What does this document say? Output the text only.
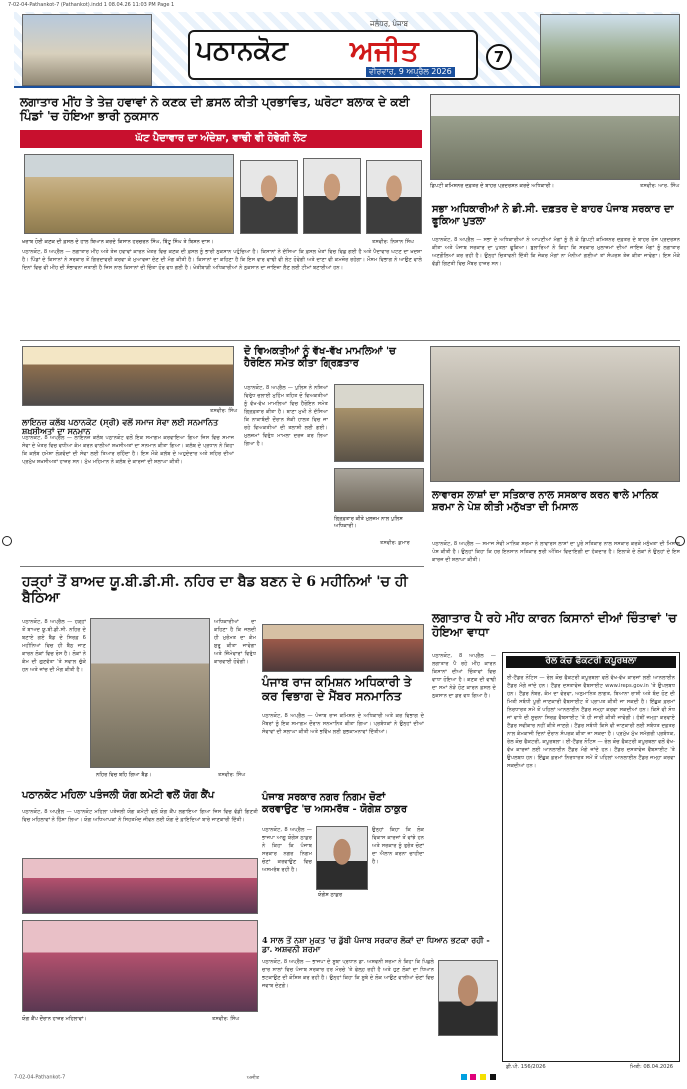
7-02-04-Pathankot-7 (Pathankot).indd 1 08.04.26 11:03 PM Page 1
ਪਠਾਨਕੋਟ
ਜਲੰਧਰ, ਪੰਜਾਬ
ਅਜੀਤ
ਵੀਰਵਾਰ, 9 ਅਪ੍ਰੈਲ 2026
7
ਲਗਾਤਾਰ ਮੀਂਹ ਤੇ ਤੇਜ਼ ਹਵਾਵਾਂ ਨੇ ਕਣਕ ਦੀ ਫ਼ਸਲ ਕੀਤੀ ਪ੍ਰਭਾਵਿਤ, ਘਰੋਟਾ ਬਲਾਕ ਦੇ ਕਈ ਪਿੰਡਾਂ 'ਚ ਹੋਇਆ ਭਾਰੀ ਨੁਕਸਾਨ
ਘੱਟ ਪੈਦਾਵਾਰ ਦਾ ਅੰਦੇਸ਼ਾ, ਵਾਢੀ ਵੀ ਹੋਵੇਗੀ ਲੇਟ
ਖ਼ਰਾਬ ਹੋਈ ਕਣਕ ਦੀ ਫ਼ਸਲ ਦੇ ਹਾਲ ਬਿਆਨ ਕਰਦੇ ਕਿਸਾਨ ਹਰਚਰਨ ਸਿੰਘ, ਬਿੱਟੂ ਸਿੰਘ ਤੇ ਬਿਸ਼ਨ ਦਾਸ।	ਤਸਵੀਰ: ਨਿਸ਼ਾਨ ਸਿੰਘ
ਪਠਾਨਕੋਟ, 8 ਅਪ੍ਰੈਲ — ਲਗਾਤਾਰ ਮੀਂਹ ਅਤੇ ਤੇਜ਼ ਹਵਾਵਾਂ ਕਾਰਨ ਖੇਤਰ ਵਿਚ ਕਣਕ ਦੀ ਫ਼ਸਲ ਨੂੰ ਭਾਰੀ ਨੁਕਸਾਨ ਪਹੁੰਚਿਆ ਹੈ। ਕਿਸਾਨਾਂ ਨੇ ਦੱਸਿਆ ਕਿ ਫ਼ਸਲ ਖੇਤਾਂ ਵਿਚ ਵਿਛ ਗਈ ਹੈ ਅਤੇ ਪੈਦਾਵਾਰ ਘਟਣ ਦਾ ਖ਼ਦਸ਼ਾ ਹੈ। ਪਿੰਡਾਂ ਦੇ ਕਿਸਾਨਾਂ ਨੇ ਸਰਕਾਰ ਤੋਂ ਗਿਰਦਾਵਰੀ ਕਰਵਾ ਕੇ ਮੁਆਵਜ਼ਾ ਦੇਣ ਦੀ ਮੰਗ ਕੀਤੀ ਹੈ। ਕਿਸਾਨਾਂ ਦਾ ਕਹਿਣਾ ਹੈ ਕਿ ਇਸ ਵਾਰ ਵਾਢੀ ਵੀ ਲੇਟ ਹੋਵੇਗੀ ਅਤੇ ਦਾਣਾ ਵੀ ਕਮਜ਼ੋਰ ਰਹੇਗਾ। ਮੌਸਮ ਵਿਭਾਗ ਨੇ ਆਉਣ ਵਾਲੇ ਦਿਨਾਂ ਵਿਚ ਵੀ ਮੀਂਹ ਦੀ ਸੰਭਾਵਨਾ ਜਤਾਈ ਹੈ ਜਿਸ ਨਾਲ ਕਿਸਾਨਾਂ ਦੀ ਚਿੰਤਾ ਹੋਰ ਵਧ ਗਈ ਹੈ। ਖੇਤੀਬਾੜੀ ਅਧਿਕਾਰੀਆਂ ਨੇ ਨੁਕਸਾਨ ਦਾ ਜਾਇਜ਼ਾ ਲੈਣ ਲਈ ਟੀਮਾਂ ਬਣਾਈਆਂ ਹਨ।
ਡਿਪਟੀ ਕਮਿਸ਼ਨਰ ਦਫ਼ਤਰ ਦੇ ਬਾਹਰ ਪ੍ਰਦਰਸ਼ਨ ਕਰਦੇ ਅਧਿਕਾਰੀ।	ਤਸਵੀਰ: ਆਰ. ਸਿੰਘ
ਸਭਾ ਅਧਿਕਾਰੀਆਂ ਨੇ ਡੀ.ਸੀ. ਦਫ਼ਤਰ ਦੇ ਬਾਹਰ ਪੰਜਾਬ ਸਰਕਾਰ ਦਾ ਫੂਕਿਆ ਪੁਤਲਾ
ਪਠਾਨਕੋਟ, 8 ਅਪ੍ਰੈਲ — ਸਭਾ ਦੇ ਅਧਿਕਾਰੀਆਂ ਨੇ ਆਪਣੀਆਂ ਮੰਗਾਂ ਨੂੰ ਲੈ ਕੇ ਡਿਪਟੀ ਕਮਿਸ਼ਨਰ ਦਫ਼ਤਰ ਦੇ ਬਾਹਰ ਰੋਸ ਪ੍ਰਦਰਸ਼ਨ ਕੀਤਾ ਅਤੇ ਪੰਜਾਬ ਸਰਕਾਰ ਦਾ ਪੁਤਲਾ ਫੂਕਿਆ। ਬੁਲਾਰਿਆਂ ਨੇ ਕਿਹਾ ਕਿ ਸਰਕਾਰ ਮੁਲਾਜ਼ਮਾਂ ਦੀਆਂ ਜਾਇਜ਼ ਮੰਗਾਂ ਨੂੰ ਲਗਾਤਾਰ ਅਣਗੌਲਿਆਂ ਕਰ ਰਹੀ ਹੈ। ਉਨ੍ਹਾਂ ਚਿਤਾਵਨੀ ਦਿੱਤੀ ਕਿ ਜੇਕਰ ਮੰਗਾਂ ਨਾ ਮੰਨੀਆਂ ਗਈਆਂ ਤਾਂ ਸੰਘਰਸ਼ ਤੇਜ਼ ਕੀਤਾ ਜਾਵੇਗਾ। ਇਸ ਮੌਕੇ ਵੱਡੀ ਗਿਣਤੀ ਵਿਚ ਮੈਂਬਰ ਹਾਜ਼ਰ ਸਨ।
ਤਸਵੀਰ: ਸਿੰਘ
ਲਾਇਨਜ਼ ਕਲੱਬ ਪਠਾਨਕੋਟ (ਸ੍ਰੀ) ਵਲੋਂ ਸਮਾਜ ਸੇਵਾ ਲਈ ਸਨਮਾਨਿਤ ਸ਼ਖ਼ਸੀਅਤਾਂ ਦਾ ਸਨਮਾਨ
ਪਠਾਨਕੋਟ, 8 ਅਪ੍ਰੈਲ — ਲਾਇਨਜ਼ ਕਲੱਬ ਪਠਾਨਕੋਟ ਵਲੋਂ ਇਕ ਸਮਾਗਮ ਕਰਵਾਇਆ ਗਿਆ ਜਿਸ ਵਿਚ ਸਮਾਜ ਸੇਵਾ ਦੇ ਖੇਤਰ ਵਿਚ ਵਧੀਆ ਕੰਮ ਕਰਨ ਵਾਲੀਆਂ ਸ਼ਖ਼ਸੀਅਤਾਂ ਦਾ ਸਨਮਾਨ ਕੀਤਾ ਗਿਆ। ਕਲੱਬ ਦੇ ਪ੍ਰਧਾਨ ਨੇ ਕਿਹਾ ਕਿ ਕਲੱਬ ਹਮੇਸ਼ਾ ਲੋੜਵੰਦਾਂ ਦੀ ਸੇਵਾ ਲਈ ਤਿਆਰ ਰਹਿੰਦਾ ਹੈ। ਇਸ ਮੌਕੇ ਕਲੱਬ ਦੇ ਅਹੁਦੇਦਾਰ ਅਤੇ ਸ਼ਹਿਰ ਦੀਆਂ ਪ੍ਰਮੁੱਖ ਸ਼ਖ਼ਸੀਅਤਾਂ ਹਾਜ਼ਰ ਸਨ। ਮੁੱਖ ਮਹਿਮਾਨ ਨੇ ਕਲੱਬ ਦੇ ਕਾਰਜਾਂ ਦੀ ਸ਼ਲਾਘਾ ਕੀਤੀ।
ਦੋ ਵਿਅਕਤੀਆਂ ਨੂੰ ਵੱਖ-ਵੱਖ ਮਾਮਲਿਆਂ 'ਚ ਹੈਰੋਇਨ ਸਮੇਤ ਕੀਤਾ ਗ੍ਰਿਫ਼ਤਾਰ
ਪਠਾਨਕੋਟ, 8 ਅਪ੍ਰੈਲ — ਪੁਲਿਸ ਨੇ ਨਸ਼ਿਆਂ ਵਿਰੁੱਧ ਚਲਾਈ ਮੁਹਿੰਮ ਤਹਿਤ ਦੋ ਵਿਅਕਤੀਆਂ ਨੂੰ ਵੱਖ-ਵੱਖ ਮਾਮਲਿਆਂ ਵਿਚ ਹੈਰੋਇਨ ਸਮੇਤ ਗ੍ਰਿਫ਼ਤਾਰ ਕੀਤਾ ਹੈ। ਥਾਣਾ ਮੁਖੀ ਨੇ ਦੱਸਿਆ ਕਿ ਨਾਕਾਬੰਦੀ ਦੌਰਾਨ ਸ਼ੱਕੀ ਹਾਲਤ ਵਿਚ ਜਾ ਰਹੇ ਵਿਅਕਤੀਆਂ ਦੀ ਤਲਾਸ਼ੀ ਲਈ ਗਈ। ਮੁਲਜ਼ਮਾਂ ਵਿਰੁੱਧ ਮਾਮਲਾ ਦਰਜ ਕਰ ਲਿਆ ਗਿਆ ਹੈ।
ਗ੍ਰਿਫ਼ਤਾਰ ਕੀਤੇ ਮੁਲਜ਼ਮ ਨਾਲ ਪੁਲਿਸ ਅਧਿਕਾਰੀ।
ਤਸਵੀਰ: ਕੁਮਾਰ
ਲਾਵਾਰਸ ਲਾਸ਼ਾਂ ਦਾ ਸਤਿਕਾਰ ਨਾਲ ਸਸਕਾਰ ਕਰਨ ਵਾਲੇ ਮਾਨਿਕ ਸ਼ਰਮਾ ਨੇ ਪੇਸ਼ ਕੀਤੀ ਮਨੁੱਖਤਾ ਦੀ ਮਿਸਾਲ
ਪਠਾਨਕੋਟ, 8 ਅਪ੍ਰੈਲ — ਸਮਾਜ ਸੇਵੀ ਮਾਨਿਕ ਸ਼ਰਮਾ ਨੇ ਲਾਵਾਰਸ ਲਾਸ਼ਾਂ ਦਾ ਪੂਰੇ ਸਤਿਕਾਰ ਨਾਲ ਸਸਕਾਰ ਕਰਕੇ ਮਨੁੱਖਤਾ ਦੀ ਮਿਸਾਲ ਪੇਸ਼ ਕੀਤੀ ਹੈ। ਉਨ੍ਹਾਂ ਕਿਹਾ ਕਿ ਹਰ ਇਨਸਾਨ ਸਤਿਕਾਰ ਭਰੀ ਅੰਤਿਮ ਵਿਦਾਇਗੀ ਦਾ ਹੱਕਦਾਰ ਹੈ। ਇਲਾਕੇ ਦੇ ਲੋਕਾਂ ਨੇ ਉਨ੍ਹਾਂ ਦੇ ਇਸ ਕਾਰਜ ਦੀ ਸ਼ਲਾਘਾ ਕੀਤੀ।
ਹੜ੍ਹਾਂ ਤੋਂ ਬਾਅਦ ਯੂ.ਬੀ.ਡੀ.ਸੀ. ਨਹਿਰ ਦਾ ਬੈਡ ਬਣਨ ਦੇ 6 ਮਹੀਨਿਆਂ 'ਚ ਹੀ ਬੈਠਿਆ
ਪਠਾਨਕੋਟ, 8 ਅਪ੍ਰੈਲ — ਹੜ੍ਹਾਂ ਤੋਂ ਬਾਅਦ ਯੂ.ਬੀ.ਡੀ.ਸੀ. ਨਹਿਰ ਦੇ ਬਣਾਏ ਗਏ ਬੈਡ ਦੇ ਸਿਰਫ਼ 6 ਮਹੀਨਿਆਂ ਵਿਚ ਹੀ ਬੈਠ ਜਾਣ ਕਾਰਨ ਲੋਕਾਂ ਵਿਚ ਰੋਸ ਹੈ। ਲੋਕਾਂ ਨੇ ਕੰਮ ਦੀ ਗੁਣਵੱਤਾ 'ਤੇ ਸਵਾਲ ਚੁੱਕੇ ਹਨ ਅਤੇ ਜਾਂਚ ਦੀ ਮੰਗ ਕੀਤੀ ਹੈ।
ਅਧਿਕਾਰੀਆਂ ਦਾ ਕਹਿਣਾ ਹੈ ਕਿ ਜਲਦੀ ਹੀ ਮੁਰੰਮਤ ਦਾ ਕੰਮ ਸ਼ੁਰੂ ਕੀਤਾ ਜਾਵੇਗਾ ਅਤੇ ਜ਼ਿੰਮੇਵਾਰਾਂ ਵਿਰੁੱਧ ਕਾਰਵਾਈ ਹੋਵੇਗੀ।
ਨਹਿਰ ਵਿਚ ਬਹਿ ਗਿਆ ਬੈਡ।	ਤਸਵੀਰ: ਸਿੰਘ
ਪੰਜਾਬ ਰਾਜ ਕਮਿਸ਼ਨ ਅਧਿਕਾਰੀ ਤੇ ਕਰ ਵਿਭਾਗ ਦੇ ਮੈਂਬਰ ਸਨਮਾਨਿਤ
ਪਠਾਨਕੋਟ, 8 ਅਪ੍ਰੈਲ — ਪੰਜਾਬ ਰਾਜ ਕਮਿਸ਼ਨ ਦੇ ਅਧਿਕਾਰੀ ਅਤੇ ਕਰ ਵਿਭਾਗ ਦੇ ਮੈਂਬਰਾਂ ਨੂੰ ਇਕ ਸਮਾਗਮ ਦੌਰਾਨ ਸਨਮਾਨਿਤ ਕੀਤਾ ਗਿਆ। ਪ੍ਰਬੰਧਕਾਂ ਨੇ ਉਨ੍ਹਾਂ ਦੀਆਂ ਸੇਵਾਵਾਂ ਦੀ ਸ਼ਲਾਘਾ ਕੀਤੀ ਅਤੇ ਭਵਿੱਖ ਲਈ ਸ਼ੁਭਕਾਮਨਾਵਾਂ ਦਿੱਤੀਆਂ।
ਲਗਾਤਾਰ ਪੈ ਰਹੇ ਮੀਂਹ ਕਾਰਨ ਕਿਸਾਨਾਂ ਦੀਆਂ ਚਿੰਤਾਵਾਂ 'ਚ ਹੋਇਆ ਵਾਧਾ
ਪਠਾਨਕੋਟ, 8 ਅਪ੍ਰੈਲ — ਲਗਾਤਾਰ ਪੈ ਰਹੇ ਮੀਂਹ ਕਾਰਨ ਕਿਸਾਨਾਂ ਦੀਆਂ ਚਿੰਤਾਵਾਂ ਵਿਚ ਵਾਧਾ ਹੋਇਆ ਹੈ। ਕਣਕ ਦੀ ਵਾਢੀ ਦਾ ਸਮਾਂ ਨੇੜੇ ਹੋਣ ਕਾਰਨ ਫ਼ਸਲ ਦੇ ਨੁਕਸਾਨ ਦਾ ਡਰ ਵਧ ਗਿਆ ਹੈ।
ਰੇਲ ਕੋਚ ਫੈਕਟਰੀ ਕਪੂਰਥਲਾ
ਈ-ਟੈਂਡਰ ਨੋਟਿਸ — ਰੇਲ ਕੋਚ ਫੈਕਟਰੀ ਕਪੂਰਥਲਾ ਵਲੋਂ ਵੱਖ-ਵੱਖ ਕਾਰਜਾਂ ਲਈ ਆਨਲਾਈਨ ਟੈਂਡਰ ਮੰਗੇ ਜਾਂਦੇ ਹਨ। ਟੈਂਡਰ ਦਸਤਾਵੇਜ਼ ਵੈਬਸਾਈਟ www.ireps.gov.in 'ਤੇ ਉਪਲਬਧ ਹਨ। ਟੈਂਡਰ ਨੰਬਰ, ਕੰਮ ਦਾ ਵੇਰਵਾ, ਅਨੁਮਾਨਿਤ ਲਾਗਤ, ਬਿਆਨਾ ਰਾਸ਼ੀ ਅਤੇ ਬੰਦ ਹੋਣ ਦੀ ਮਿਤੀ ਸਬੰਧੀ ਪੂਰੀ ਜਾਣਕਾਰੀ ਵੈਬਸਾਈਟ ਤੋਂ ਪ੍ਰਾਪਤ ਕੀਤੀ ਜਾ ਸਕਦੀ ਹੈ। ਇੱਛੁਕ ਫ਼ਰਮਾਂ ਨਿਰਧਾਰਤ ਸਮੇਂ ਤੋਂ ਪਹਿਲਾਂ ਆਨਲਾਈਨ ਟੈਂਡਰ ਜਮ੍ਹਾ ਕਰਵਾ ਸਕਦੀਆਂ ਹਨ। ਕਿਸੇ ਵੀ ਸੋਧ ਜਾਂ ਵਾਧੇ ਦੀ ਸੂਚਨਾ ਸਿਰਫ਼ ਵੈਬਸਾਈਟ 'ਤੇ ਹੀ ਜਾਰੀ ਕੀਤੀ ਜਾਵੇਗੀ। ਹੱਥੀਂ ਜਮ੍ਹਾ ਕਰਵਾਏ ਟੈਂਡਰ ਸਵੀਕਾਰ ਨਹੀਂ ਕੀਤੇ ਜਾਣਗੇ। ਟੈਂਡਰ ਸਬੰਧੀ ਕਿਸੇ ਵੀ ਜਾਣਕਾਰੀ ਲਈ ਸਬੰਧਤ ਦਫ਼ਤਰ ਨਾਲ ਕੰਮਕਾਜੀ ਦਿਨਾਂ ਦੌਰਾਨ ਸੰਪਰਕ ਕੀਤਾ ਜਾ ਸਕਦਾ ਹੈ। ਪ੍ਰਮੁੱਖ ਮੁੱਖ ਸਮੱਗਰੀ ਪ੍ਰਬੰਧਕ, ਰੇਲ ਕੋਚ ਫੈਕਟਰੀ, ਕਪੂਰਥਲਾ। ਈ-ਟੈਂਡਰ ਨੋਟਿਸ — ਰੇਲ ਕੋਚ ਫੈਕਟਰੀ ਕਪੂਰਥਲਾ ਵਲੋਂ ਵੱਖ-ਵੱਖ ਕਾਰਜਾਂ ਲਈ ਆਨਲਾਈਨ ਟੈਂਡਰ ਮੰਗੇ ਜਾਂਦੇ ਹਨ। ਟੈਂਡਰ ਦਸਤਾਵੇਜ਼ ਵੈਬਸਾਈਟ 'ਤੇ ਉਪਲਬਧ ਹਨ। ਇੱਛੁਕ ਫ਼ਰਮਾਂ ਨਿਰਧਾਰਤ ਸਮੇਂ ਤੋਂ ਪਹਿਲਾਂ ਆਨਲਾਈਨ ਟੈਂਡਰ ਜਮ੍ਹਾ ਕਰਵਾ ਸਕਦੀਆਂ ਹਨ।
ਡੀ.ਪੀ. 156/2026	ਮਿਤੀ: 08.04.2026
ਪੰਜਾਬ ਸਰਕਾਰ ਨਗਰ ਨਿਗਮ ਚੋਣਾਂ ਕਰਵਾਉਣ 'ਚ ਅਸਮਰੱਥ - ਯੋਗੇਸ਼ ਠਾਕੁਰ
ਪਠਾਨਕੋਟ, 8 ਅਪ੍ਰੈਲ — ਭਾਜਪਾ ਆਗੂ ਯੋਗੇਸ਼ ਠਾਕੁਰ ਨੇ ਕਿਹਾ ਕਿ ਪੰਜਾਬ ਸਰਕਾਰ ਨਗਰ ਨਿਗਮ ਚੋਣਾਂ ਕਰਵਾਉਣ ਵਿਚ ਅਸਮਰੱਥ ਰਹੀ ਹੈ।
ਯੋਗੇਸ਼ ਠਾਕੁਰ
ਉਨ੍ਹਾਂ ਕਿਹਾ ਕਿ ਲੋਕ ਵਿਕਾਸ ਕਾਰਜਾਂ ਤੋਂ ਵਾਂਝੇ ਹਨ ਅਤੇ ਸਰਕਾਰ ਨੂੰ ਤੁਰੰਤ ਚੋਣਾਂ ਦਾ ਐਲਾਨ ਕਰਨਾ ਚਾਹੀਦਾ ਹੈ।
ਪਠਾਨਕੋਟ ਮਹਿਲਾ ਪਤੰਜਲੀ ਯੋਗ ਕਮੇਟੀ ਵਲੋਂ ਯੋਗ ਕੈਂਪ
ਪਠਾਨਕੋਟ, 8 ਅਪ੍ਰੈਲ — ਪਠਾਨਕੋਟ ਮਹਿਲਾ ਪਤੰਜਲੀ ਯੋਗ ਕਮੇਟੀ ਵਲੋਂ ਯੋਗ ਕੈਂਪ ਲਗਾਇਆ ਗਿਆ ਜਿਸ ਵਿਚ ਵੱਡੀ ਗਿਣਤੀ ਵਿਚ ਮਹਿਲਾਵਾਂ ਨੇ ਹਿੱਸਾ ਲਿਆ। ਯੋਗ ਅਧਿਆਪਕਾਂ ਨੇ ਸਿਹਤਮੰਦ ਜੀਵਨ ਲਈ ਯੋਗ ਦੇ ਫ਼ਾਇਦਿਆਂ ਬਾਰੇ ਜਾਣਕਾਰੀ ਦਿੱਤੀ।
ਯੋਗ ਕੈਂਪ ਦੌਰਾਨ ਹਾਜ਼ਰ ਮਹਿਲਾਵਾਂ।	ਤਸਵੀਰ: ਸਿੰਘ
4 ਸਾਲ ਤੋਂ ਨਸ਼ਾ ਮੁਕਤ 'ਚ ਡੁੱਬੀ ਪੰਜਾਬ ਸਰਕਾਰ ਲੋਕਾਂ ਦਾ ਧਿਆਨ ਭਟਕਾ ਰਹੀ - ਡਾ. ਅਸ਼ਵਨੀ ਸ਼ਰਮਾ
ਪਠਾਨਕੋਟ, 8 ਅਪ੍ਰੈਲ — ਭਾਜਪਾ ਦੇ ਸੂਬਾ ਪ੍ਰਧਾਨ ਡਾ. ਅਸ਼ਵਨੀ ਸ਼ਰਮਾ ਨੇ ਕਿਹਾ ਕਿ ਪਿਛਲੇ ਚਾਰ ਸਾਲਾਂ ਵਿਚ ਪੰਜਾਬ ਸਰਕਾਰ ਹਰ ਮੋਰਚੇ 'ਤੇ ਫੇਲ੍ਹ ਰਹੀ ਹੈ ਅਤੇ ਹੁਣ ਲੋਕਾਂ ਦਾ ਧਿਆਨ ਭਟਕਾਉਣ ਦੀ ਕੋਸ਼ਿਸ਼ ਕਰ ਰਹੀ ਹੈ। ਉਨ੍ਹਾਂ ਕਿਹਾ ਕਿ ਸੂਬੇ ਦੇ ਲੋਕ ਆਉਣ ਵਾਲੀਆਂ ਚੋਣਾਂ ਵਿਚ ਜਵਾਬ ਦੇਣਗੇ।
7-02-04-Pathankot-7	ਅਜੀਤ
